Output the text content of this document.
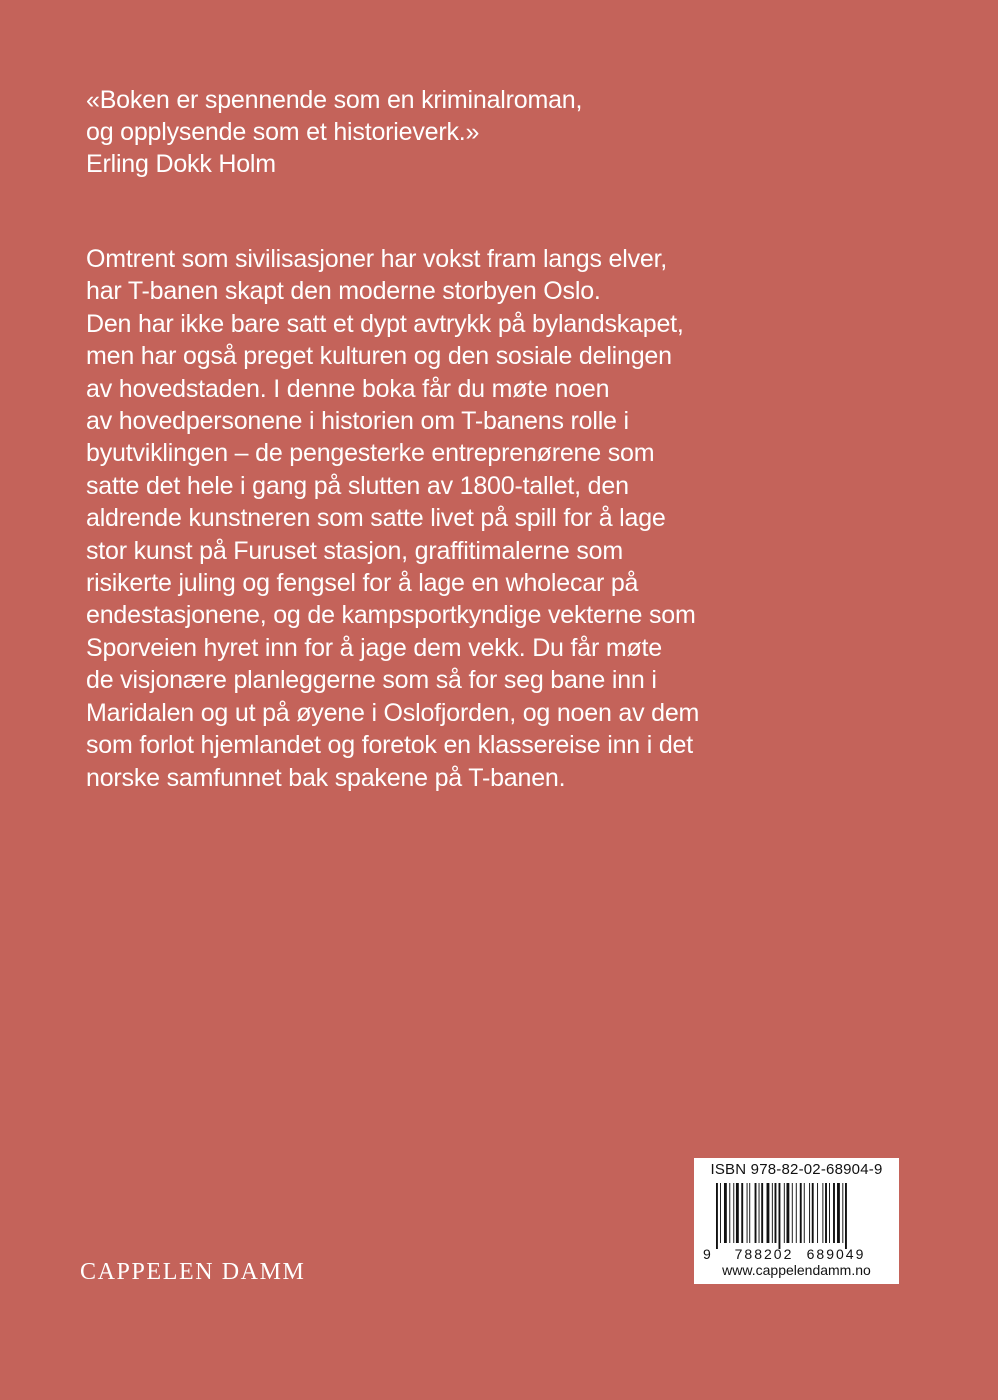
«Boken er spennende som en kriminalroman,
og opplysende som et historieverk.»
Erling Dokk Holm
Omtrent som sivilisasjoner har vokst fram langs elver,
har T-banen skapt den moderne storbyen Oslo.
Den har ikke bare satt et dypt avtrykk på bylandskapet,
men har også preget kulturen og den sosiale delingen
av hovedstaden. I denne boka får du møte noen
av hovedpersonene i historien om T-banens rolle i
byutviklingen – de pengesterke entreprenørene som
satte det hele i gang på slutten av 1800-tallet, den
aldrende kunstneren som satte livet på spill for å lage
stor kunst på Furuset stasjon, graffitimalerne som
risikerte juling og fengsel for å lage en wholecar på
endestasjonene, og de kampsportkyndige vekterne som
Sporveien hyret inn for å jage dem vekk. Du får møte
de visjonære planleggerne som så for seg bane inn i
Maridalen og ut på øyene i Oslofjorden, og noen av dem
som forlot hjemlandet og foretok en klassereise inn i det
norske samfunnet bak spakene på T-banen.
CAPPELEN DAMM
ISBN 978-82-02-68904-9
9 788202 689049
www.cappelendamm.no
